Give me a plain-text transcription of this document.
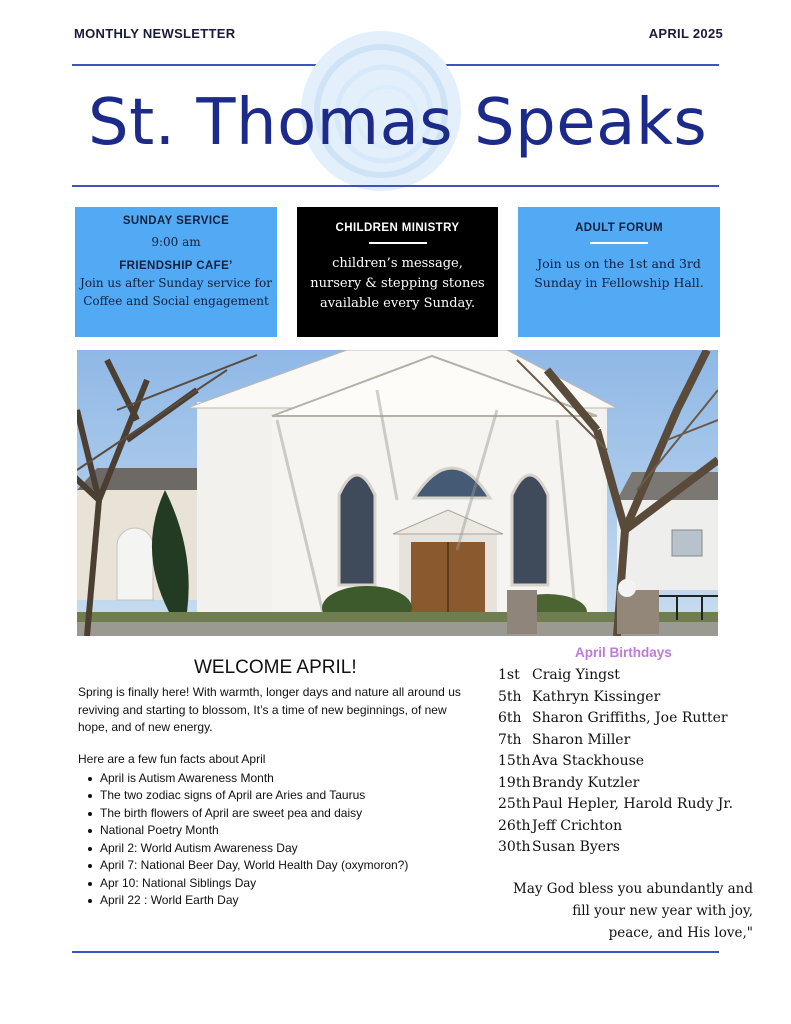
MONTHLY NEWSLETTER	APRIL 2025
St. Thomas Speaks
SUNDAY SERVICE
9:00 am
FRIENDSHIP CAFE’
Join us after Sunday service for Coffee and Social engagement
CHILDREN MINISTRY
children’s message, nursery & stepping stones available every Sunday.
ADULT FORUM
Join us on the 1st and 3rd Sunday in Fellowship Hall.
WELCOME APRIL!
Spring is finally here! With warmth, longer days and nature all around us reviving and starting to blossom, It’s a time of new beginnings, of new hope, and of new energy.
Here are a few fun facts about April
April is Autism Awareness Month
The two zodiac signs of April are Aries and Taurus
The birth flowers of April are sweet pea and daisy
National Poetry Month
April 2: World Autism Awareness Day
April 7: National Beer Day, World Health Day (oxymoron?)
Apr 10: National Siblings Day
April 22 : World Earth Day
April Birthdays
1st Craig Yingst
5th Kathryn Kissinger
6th Sharon Griffiths, Joe Rutter
7th Sharon Miller
15th Ava Stackhouse
19th Brandy Kutzler
25th Paul Hepler, Harold Rudy Jr.
26th Jeff Crichton
30th Susan Byers
May God bless you abundantly and
fill your new year with joy,
peace, and His love,"
